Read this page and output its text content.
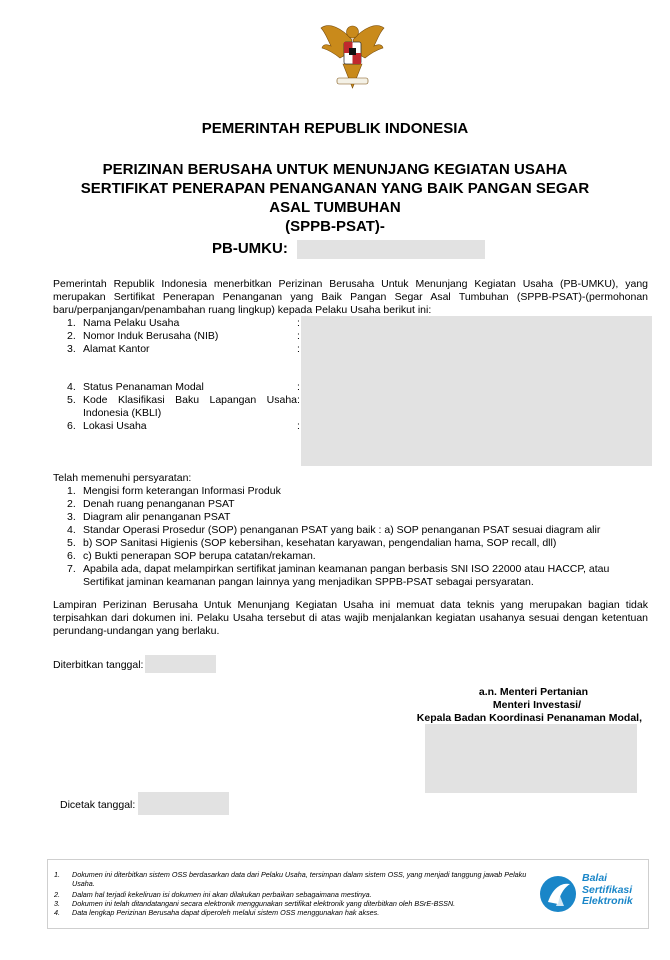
PEMERINTAH REPUBLIK INDONESIA
PERIZINAN BERUSAHA UNTUK MENUNJANG KEGIATAN USAHA
SERTIFIKAT PENERAPAN PENANGANAN YANG BAIK PANGAN SEGAR
ASAL TUMBUHAN
(SPPB-PSAT)-
PB-UMKU:
Pemerintah Republik Indonesia menerbitkan Perizinan Berusaha Untuk Menunjang Kegiatan Usaha (PB-UMKU), yang merupakan Sertifikat Penerapan Penanganan yang Baik Pangan Segar Asal Tumbuhan (SPPB-PSAT)-(permohonan baru/perpanjangan/penambahan ruang lingkup) kepada Pelaku Usaha berikut ini:
1. Nama Pelaku Usaha
2. Nomor Induk Berusaha (NIB)
3. Alamat Kantor
4. Status Penanaman Modal
5. Kode Klasifikasi Baku Lapangan Usaha Indonesia (KBLI)
6. Lokasi Usaha
:
:
:
:
:
:
Telah memenuhi persyaratan:
1. Mengisi form keterangan Informasi Produk
2. Denah ruang penanganan PSAT
3. Diagram alir penanganan PSAT
4. Standar Operasi Prosedur (SOP) penanganan PSAT yang baik : a) SOP penanganan PSAT sesuai diagram alir
5. b) SOP Sanitasi Higienis (SOP kebersihan, kesehatan karyawan, pengendalian hama, SOP recall, dll)
6. c) Bukti penerapan SOP berupa catatan/rekaman.
7. Apabila ada, dapat melampirkan sertifikat jaminan keamanan pangan berbasis SNI ISO 22000 atau HACCP, atau Sertifikat jaminan keamanan pangan lainnya yang menjadikan SPPB-PSAT sebagai persyaratan.
Lampiran Perizinan Berusaha Untuk Menunjang Kegiatan Usaha ini memuat data teknis yang merupakan bagian tidak terpisahkan dari dokumen ini. Pelaku Usaha tersebut di atas wajib menjalankan kegiatan usahanya sesuai dengan ketentuan perundang-undangan yang berlaku.
Diterbitkan tanggal:
a.n. Menteri Pertanian
Menteri Investasi/
Kepala Badan Koordinasi Penanaman Modal,
Dicetak tanggal:
1.	Dokumen ini diterbitkan sistem OSS berdasarkan data dari Pelaku Usaha, tersimpan dalam sistem OSS, yang menjadi tanggung jawab Pelaku Usaha.
2. Dalam hal terjadi kekeliruan isi dokumen ini akan dilakukan perbaikan sebagaimana mestinya.
3. Dokumen ini telah ditandatangani secara elektronik menggunakan sertifikat elektronik yang diterbitkan oleh BSrE-BSSN.
4. Data lengkap Perizinan Berusaha dapat diperoleh melalui sistem OSS menggunakan hak akses.
Balai
Sertifikasi
Elektronik
